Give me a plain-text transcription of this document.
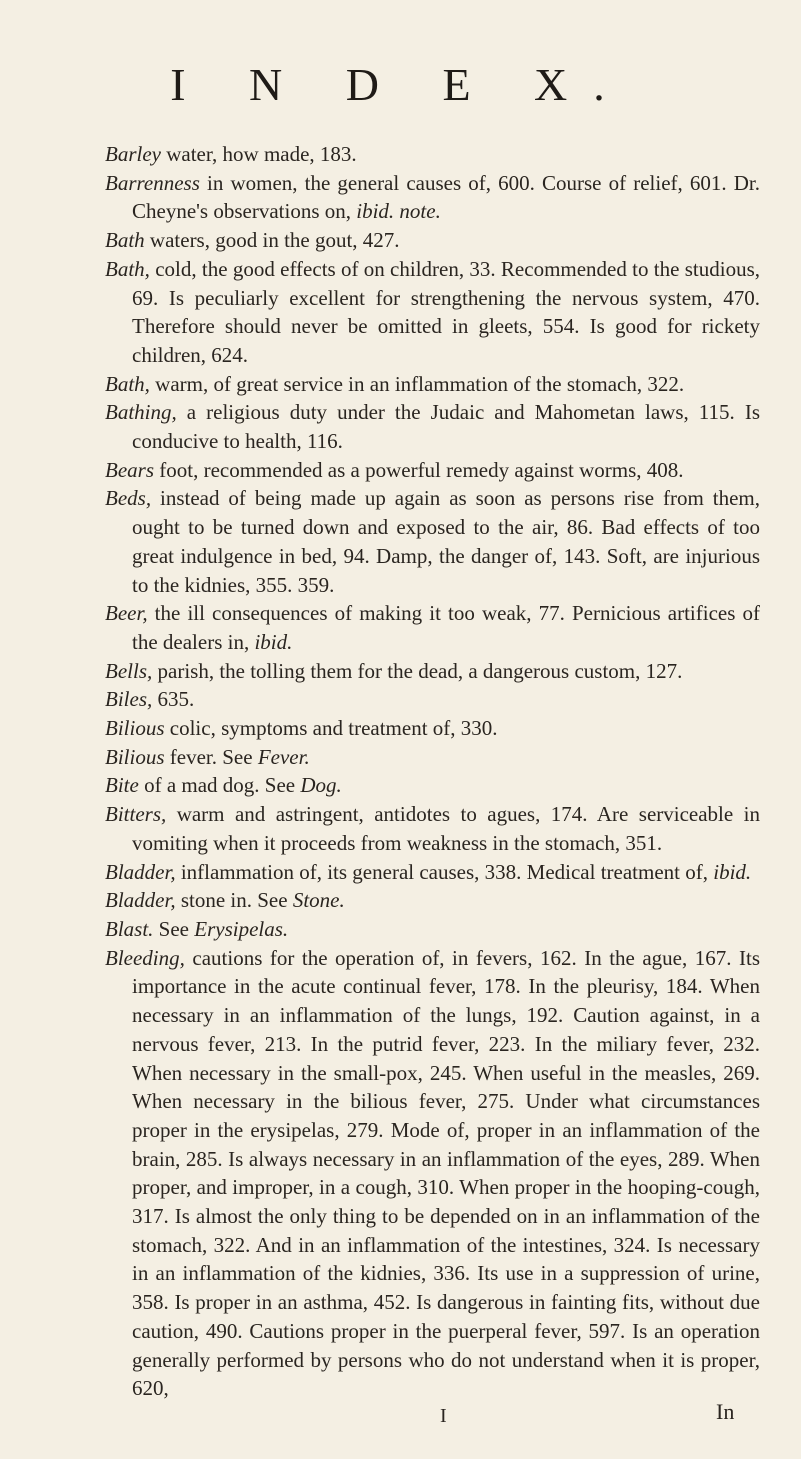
I N D E X.

Barley water, how made, 183.

Barrenness in women, the general causes of, 600. Course of relief, 601. Dr. Cheyne's observations on, ibid. note.

Bath waters, good in the gout, 427.

Bath, cold, the good effects of on children, 33. Recommended to the studious, 69. Is peculiarly excellent for strengthening the nervous system, 470. Therefore should never be omitted in gleets, 554. Is good for rickety children, 624.

Bath, warm, of great service in an inflammation of the stomach, 322.

Bathing, a religious duty under the Judaic and Mahometan laws, 115. Is conducive to health, 116.

Bears foot, recommended as a powerful remedy against worms, 408.

Beds, instead of being made up again as soon as persons rise from them, ought to be turned down and exposed to the air, 86. Bad effects of too great indulgence in bed, 94. Damp, the danger of, 143. Soft, are injurious to the kidnies, 355. 359.

Beer, the ill consequences of making it too weak, 77. Pernicious artifices of the dealers in, ibid.

Bells, parish, the tolling them for the dead, a dangerous custom, 127.

Biles, 635.

Bilious colic, symptoms and treatment of, 330.

Bilious fever. See Fever.

Bite of a mad dog. See Dog.

Bitters, warm and astringent, antidotes to agues, 174. Are serviceable in vomiting when it proceeds from weakness in the stomach, 351.

Bladder, inflammation of, its general causes, 338. Medical treatment of, ibid.

Bladder, stone in. See Stone.

Blast. See Erysipelas.

Bleeding, cautions for the operation of, in fevers, 162. In the ague, 167. Its importance in the acute continual fever, 178. In the pleurisy, 184. When necessary in an inflammation of the lungs, 192. Caution against, in a nervous fever, 213. In the putrid fever, 223. In the miliary fever, 232. When necessary in the small-pox, 245. When useful in the measles, 269. When necessary in the bilious fever, 275. Under what circumstances proper in the erysipelas, 279. Mode of, proper in an inflammation of the brain, 285. Is always necessary in an inflammation of the eyes, 289. When proper, and improper, in a cough, 310. When proper in the hooping-cough, 317. Is almost the only thing to be depended on in an inflammation of the stomach, 322. And in an inflammation of the intestines, 324. Is necessary in an inflammation of the kidnies, 336. Its use in a suppression of urine, 358. Is proper in an asthma, 452. Is dangerous in fainting fits, without due caution, 490. Cautions proper in the puerperal fever, 597. Is an operation generally performed by persons who do not understand when it is proper, 620,

I	In
